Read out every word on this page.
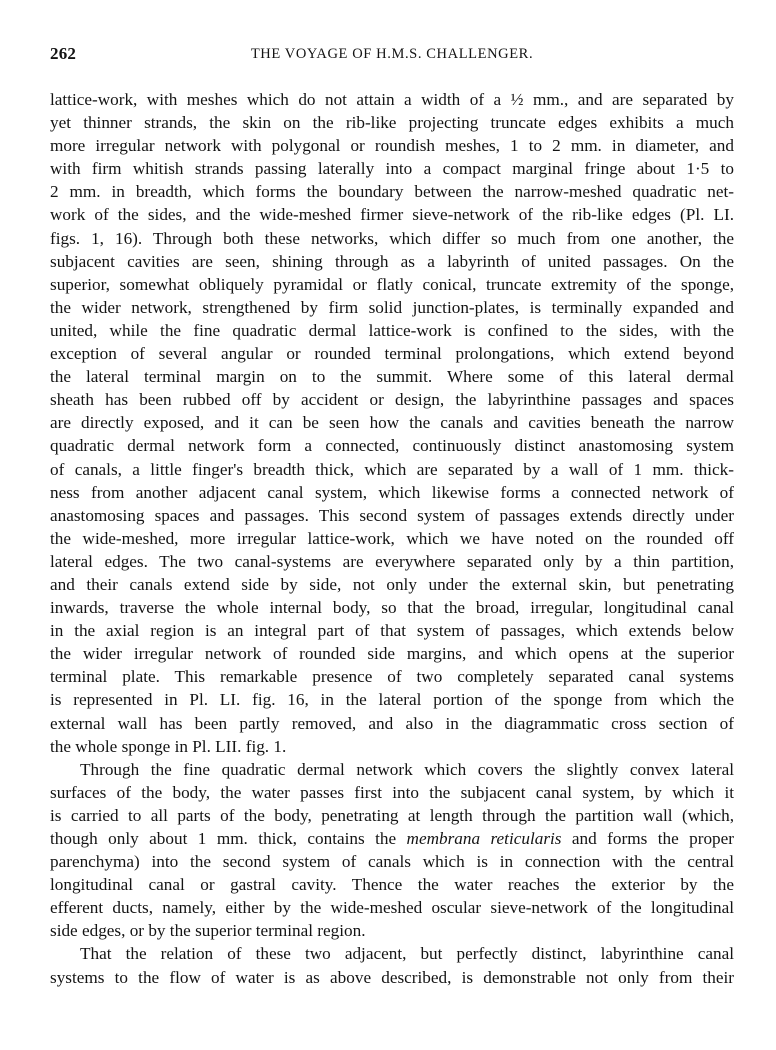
262	THE VOYAGE OF H.M.S. CHALLENGER.
lattice-work, with meshes which do not attain a width of a ½ mm., and are separated by
yet thinner strands, the skin on the rib-like projecting truncate edges exhibits a much
more irregular network with polygonal or roundish meshes, 1 to 2 mm. in diameter, and
with firm whitish strands passing laterally into a compact marginal fringe about 1·5 to
2 mm. in breadth, which forms the boundary between the narrow-meshed quadratic net-
work of the sides, and the wide-meshed firmer sieve-network of the rib-like edges (Pl. LI.
figs. 1, 16). Through both these networks, which differ so much from one another, the
subjacent cavities are seen, shining through as a labyrinth of united passages. On the
superior, somewhat obliquely pyramidal or flatly conical, truncate extremity of the sponge,
the wider network, strengthened by firm solid junction-plates, is terminally expanded and
united, while the fine quadratic dermal lattice-work is confined to the sides, with the
exception of several angular or rounded terminal prolongations, which extend beyond
the lateral terminal margin on to the summit. Where some of this lateral dermal
sheath has been rubbed off by accident or design, the labyrinthine passages and spaces
are directly exposed, and it can be seen how the canals and cavities beneath the narrow
quadratic dermal network form a connected, continuously distinct anastomosing system
of canals, a little finger's breadth thick, which are separated by a wall of 1 mm. thick-
ness from another adjacent canal system, which likewise forms a connected network of
anastomosing spaces and passages. This second system of passages extends directly under
the wide-meshed, more irregular lattice-work, which we have noted on the rounded off
lateral edges. The two canal-systems are everywhere separated only by a thin partition,
and their canals extend side by side, not only under the external skin, but penetrating
inwards, traverse the whole internal body, so that the broad, irregular, longitudinal canal
in the axial region is an integral part of that system of passages, which extends below
the wider irregular network of rounded side margins, and which opens at the superior
terminal plate. This remarkable presence of two completely separated canal systems
is represented in Pl. LI. fig. 16, in the lateral portion of the sponge from which the
external wall has been partly removed, and also in the diagrammatic cross section of
the whole sponge in Pl. LII. fig. 1.
Through the fine quadratic dermal network which covers the slightly convex lateral
surfaces of the body, the water passes first into the subjacent canal system, by which it
is carried to all parts of the body, penetrating at length through the partition wall (which,
though only about 1 mm. thick, contains the membrana reticularis and forms the proper
parenchyma) into the second system of canals which is in connection with the central
longitudinal canal or gastral cavity. Thence the water reaches the exterior by the
efferent ducts, namely, either by the wide-meshed oscular sieve-network of the longitudinal
side edges, or by the superior terminal region.
That the relation of these two adjacent, but perfectly distinct, labyrinthine canal
systems to the flow of water is as above described, is demonstrable not only from their
